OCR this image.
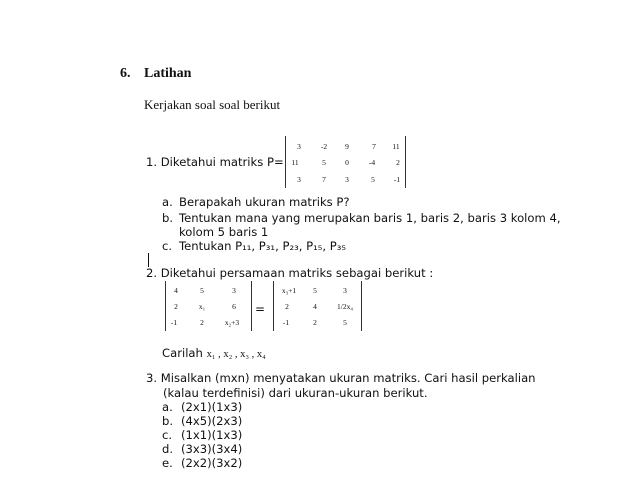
6. Latihan
Kerjakan soal soal berikut
1. Diketahui matriks P=
3	-2	9	7	11
11	5	0	-4	2
3	7	3	5	-1
a. Berapakah ukuran matriks P?
b. Tentukan mana yang merupakan baris 1, baris 2, baris 3 kolom 4,
kolom 5 baris 1
c. Tentukan P₁₁, P₃₁, P₂₃, P₁₅, P₃₅
2. Diketahui persamaan matriks sebagai berikut :
4	5	3
2	x₁	6
-1	2	x₂+3
=
x₃+1	5	3
2	4	1/2x₄
-1	2	5
Carilah x₁ , x₂ , x₃ , x₄
3. Misalkan (mxn) menyatakan ukuran matriks. Cari hasil perkalian
(kalau terdefinisi) dari ukuran-ukuran berikut.
a. (2x1)(1x3)
b. (4x5)(2x3)
c. (1x1)(1x3)
d. (3x3)(3x4)
e. (2x2)(3x2)
